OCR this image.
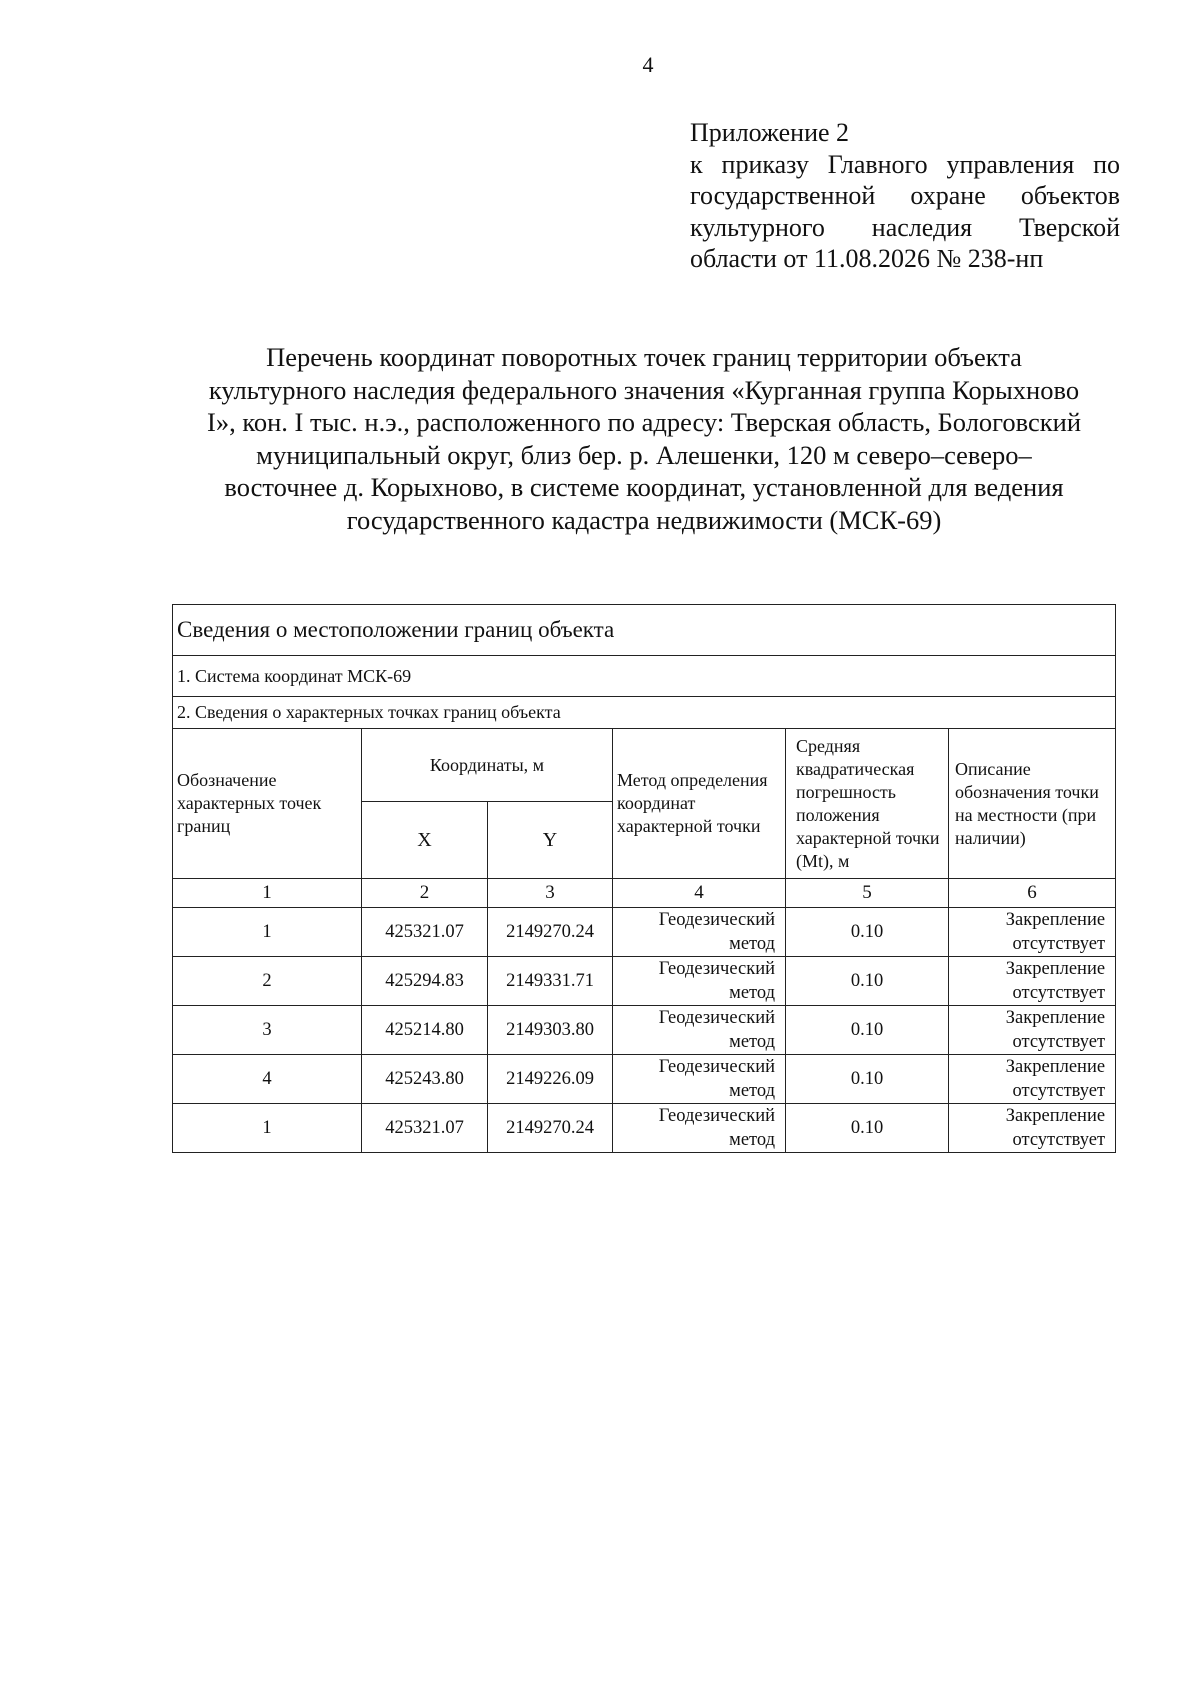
4
Приложение 2
к приказу Главного управления по
государственной охране объектов
культурного наследия Тверской
области от 11.08.2026 № 238-нп
Перечень координат поворотных точек границ территории объекта
культурного наследия федерального значения «Курганная группа Корыхново
I», кон. I тыс. н.э., расположенного по адресу: Тверская область, Бологовский
муниципальный округ, близ бер. р. Алешенки, 120 м северо–северо–
восточнее д. Корыхново, в системе координат, установленной для ведения
государственного кадастра недвижимости (МСК-69)
Сведения о местоположении границ объекта					
1. Система координат МСК-69					
2. Сведения о характерных точках границ объекта					
Обозначение характерных точек границ	Координаты, м		Метод определения координат характерной точки	Средняя квадратическая погрешность положения характерной точки (Mt), м	Описание обозначения точки на местности (при наличии)
	X	Y			
1	2	3	4	5	6
1	425321.07	2149270.24	Геодезический метод	0.10	Закрепление отсутствует
2	425294.83	2149331.71	Геодезический метод	0.10	Закрепление отсутствует
3	425214.80	2149303.80	Геодезический метод	0.10	Закрепление отсутствует
4	425243.80	2149226.09	Геодезический метод	0.10	Закрепление отсутствует
1	425321.07	2149270.24	Геодезический метод	0.10	Закрепление отсутствует
